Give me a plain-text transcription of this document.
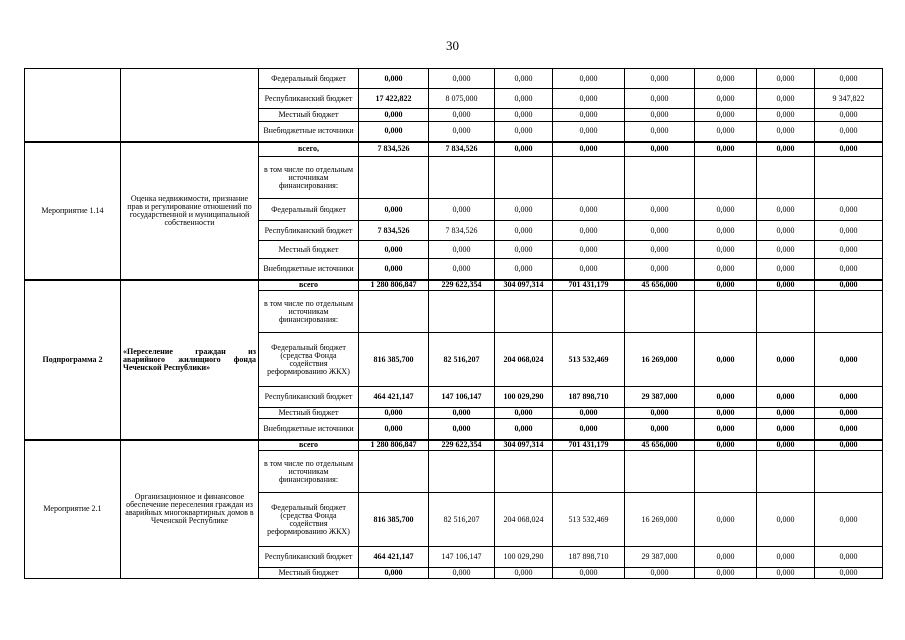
30
		Федеральный бюджет	0,000	0,000	0,000	0,000	0,000	0,000	0,000	0,000
		Республиканский бюджет	17 422,822	8 075,000	0,000	0,000	0,000	0,000	0,000	9 347,822
		Местный бюджет	0,000	0,000	0,000	0,000	0,000	0,000	0,000	0,000
		Внебюджетные источники	0,000	0,000	0,000	0,000	0,000	0,000	0,000	0,000
Мероприятие 1.14	Оценка недвижимости, признание прав и регулирование отношений по государственной и муниципальной собственности	всего,	7 834,526	7 834,526	0,000	0,000	0,000	0,000	0,000	0,000
		в том числе по отдельным источникам финансирования:								
		Федеральный бюджет	0,000	0,000	0,000	0,000	0,000	0,000	0,000	0,000
		Республиканский бюджет	7 834,526	7 834,526	0,000	0,000	0,000	0,000	0,000	0,000
		Местный бюджет	0,000	0,000	0,000	0,000	0,000	0,000	0,000	0,000
		Внебюджетные источники	0,000	0,000	0,000	0,000	0,000	0,000	0,000	0,000
Подпрограмма 2	«Переселение граждан из аварийного жилищного фонда Чеченской Республики»	всего	1 280 806,847	229 622,354	304 097,314	701 431,179	45 656,000	0,000	0,000	0,000
		в том числе по отдельным источникам финансирования:								
		Федеральный бюджет (средства Фонда содействия реформированию ЖКХ)	816 385,700	82 516,207	204 068,024	513 532,469	16 269,000	0,000	0,000	0,000
		Республиканский бюджет	464 421,147	147 106,147	100 029,290	187 898,710	29 387,000	0,000	0,000	0,000
		Местный бюджет	0,000	0,000	0,000	0,000	0,000	0,000	0,000	0,000
		Внебюджетные источники	0,000	0,000	0,000	0,000	0,000	0,000	0,000	0,000
Мероприятие 2.1	Организационное и финансовое обеспечение переселения граждан из аварийных многоквартирных домов в Чеченской Республике	всего	1 280 806,847	229 622,354	304 097,314	701 431,179	45 656,000	0,000	0,000	0,000
		в том числе по отдельным источникам финансирования:								
		Федеральный бюджет (средства Фонда содействия реформированию ЖКХ)	816 385,700	82 516,207	204 068,024	513 532,469	16 269,000	0,000	0,000	0,000
		Республиканский бюджет	464 421,147	147 106,147	100 029,290	187 898,710	29 387,000	0,000	0,000	0,000
		Местный бюджет	0,000	0,000	0,000	0,000	0,000	0,000	0,000	0,000
